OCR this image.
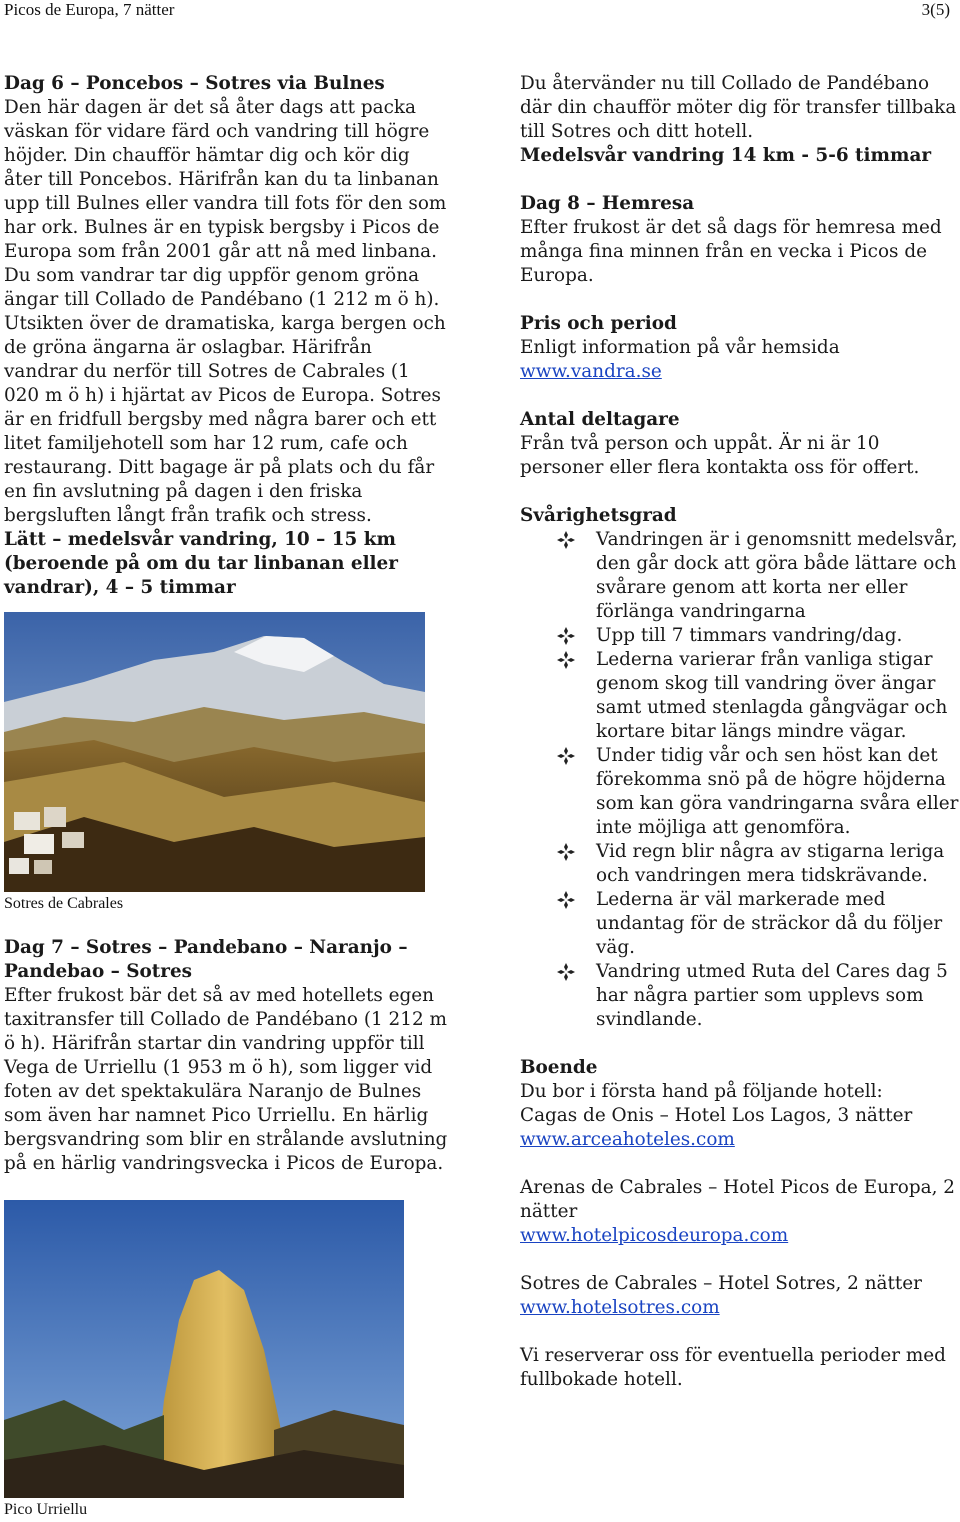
Picos de Europa, 7 nätter	3(5)

Dag 6 – Poncebos – Sotres via Bulnes

Den här dagen är det så åter dags att packa väskan för vidare färd och vandring till högre höjder. Din chaufför hämtar dig och kör dig åter till Poncebos. Härifrån kan du ta linbanan upp till Bulnes eller vandra till fots för den som har ork. Bulnes är en typisk bergsby i Picos de Europa som från 2001 går att nå med linbana. Du som vandrar tar dig uppför genom gröna ängar till Collado de Pandébano (1 212 m ö h). Utsikten över de dramatiska, karga bergen och de gröna ängarna är oslagbar. Härifrån vandrar du nerför till Sotres de Cabrales (1 020 m ö h) i hjärtat av Picos de Europa. Sotres är en fridfull bergsby med några barer och ett litet familjehotell som har 12 rum, cafe och restaurang. Ditt bagage är på plats och du får en fin avslutning på dagen i den friska bergsluften långt från trafik och stress.

Lätt – medelsvår vandring, 10 – 15 km (beroende på om du tar linbanan eller vandrar), 4 – 5 timmar

Sotres de Cabrales

Dag 7 – Sotres – Pandebano – Naranjo – Pandebao – Sotres

Efter frukost bär det så av med hotellets egen taxitransfer till Collado de Pandébano (1 212 m ö h). Härifrån startar din vandring uppför till Vega de Urriellu (1 953 m ö h), som ligger vid foten av det spektakulära Naranjo de Bulnes som även har namnet Pico Urriellu. En härlig bergsvandring som blir en strålande avslutning på en härlig vandringsvecka i Picos de Europa.

Pico Urriellu

Du återvänder nu till Collado de Pandébano där din chaufför möter dig för transfer tillbaka till Sotres och ditt hotell.

Medelsvår vandring 14 km - 5-6 timmar

Dag 8 – Hemresa

Efter frukost är det så dags för hemresa med många fina minnen från en vecka i Picos de Europa.

Pris och period

Enligt information på vår hemsida

www.vandra.se

Antal deltagare

Från två person och uppåt. Är ni är 10 personer eller flera kontakta oss för offert.

Svårighetsgrad

Vandringen är i genomsnitt medelsvår, den går dock att göra både lättare och svårare genom att korta ner eller förlänga vandringarna
Upp till 7 timmars vandring/dag.
Lederna varierar från vanliga stigar genom skog till vandring över ängar samt utmed stenlagda gångvägar och kortare bitar längs mindre vägar.
Under tidig vår och sen höst kan det förekomma snö på de högre höjderna som kan göra vandringarna svåra eller inte möjliga att genomföra.
Vid regn blir några av stigarna leriga och vandringen mera tidskrävande.
Lederna är väl markerade med undantag för de sträckor då du följer väg.
Vandring utmed Ruta del Cares dag 5 har några partier som upplevs som svindlande.

Boende

Du bor i första hand på följande hotell:

Cagas de Onis – Hotel Los Lagos, 3 nätter

www.arceahoteles.com

Arenas de Cabrales – Hotel Picos de Europa, 2 nätter

www.hotelpicosdeuropa.com

Sotres de Cabrales – Hotel Sotres, 2 nätter

www.hotelsotres.com

Vi reserverar oss för eventuella perioder med fullbokade hotell.
